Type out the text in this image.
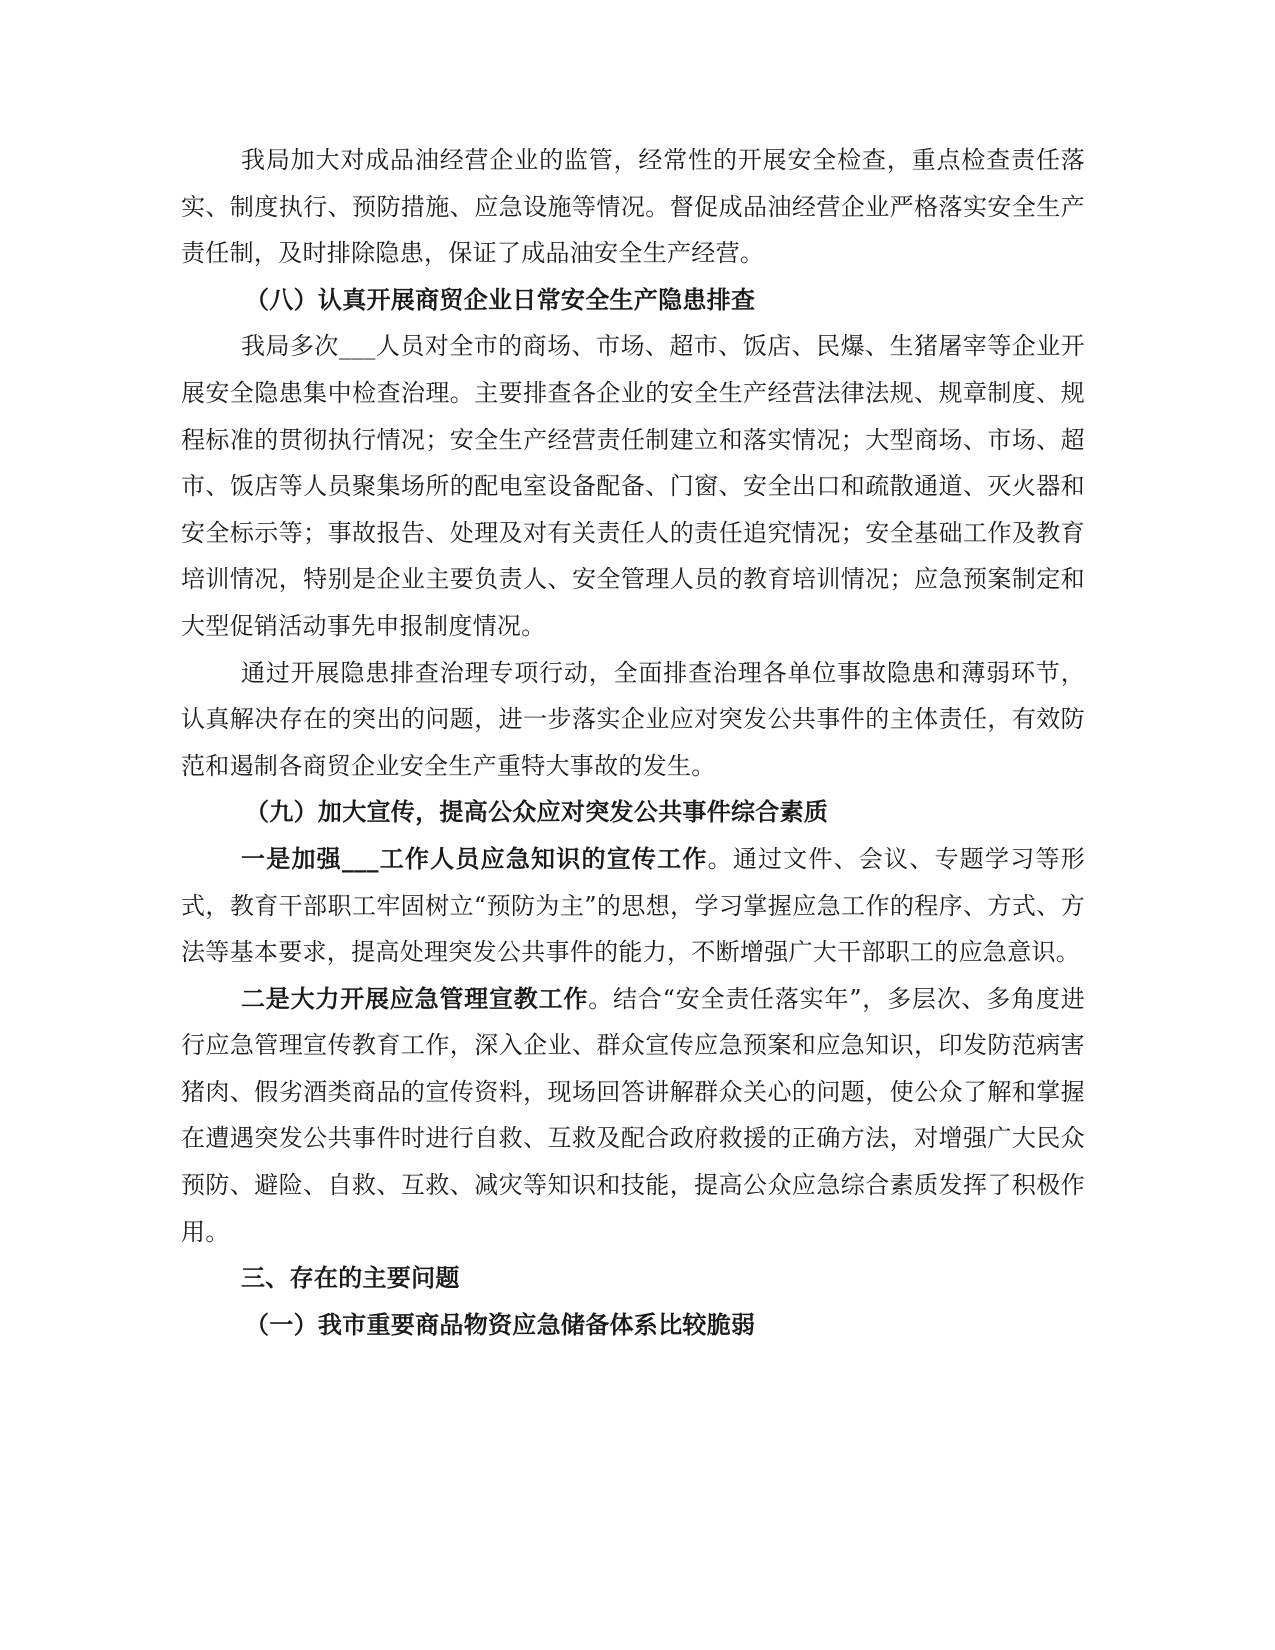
我局加大对成品油经营企业的监管，经常性的开展安全检查，重点检查责任落实、制度执行、预防措施、应急设施等情况。督促成品油经营企业严格落实安全生产责任制，及时排除隐患，保证了成品油安全生产经营。

（八）认真开展商贸企业日常安全生产隐患排查

我局多次___人员对全市的商场、市场、超市、饭店、民爆、生猪屠宰等企业开展安全隐患集中检查治理。主要排查各企业的安全生产经营法律法规、规章制度、规程标准的贯彻执行情况；安全生产经营责任制建立和落实情况；大型商场、市场、超市、饭店等人员聚集场所的配电室设备配备、门窗、安全出口和疏散通道、灭火器和安全标示等；事故报告、处理及对有关责任人的责任追究情况；安全基础工作及教育培训情况，特别是企业主要负责人、安全管理人员的教育培训情况；应急预案制定和大型促销活动事先申报制度情况。

通过开展隐患排查治理专项行动，全面排查治理各单位事故隐患和薄弱环节，认真解决存在的突出的问题，进一步落实企业应对突发公共事件的主体责任，有效防范和遏制各商贸企业安全生产重特大事故的发生。

（九）加大宣传，提高公众应对突发公共事件综合素质

一是加强___工作人员应急知识的宣传工作。通过文件、会议、专题学习等形式，教育干部职工牢固树立“预防为主”的思想，学习掌握应急工作的程序、方式、方法等基本要求，提高处理突发公共事件的能力，不断增强广大干部职工的应急意识。

二是大力开展应急管理宣教工作。结合“安全责任落实年”，多层次、多角度进行应急管理宣传教育工作，深入企业、群众宣传应急预案和应急知识，印发防范病害猪肉、假劣酒类商品的宣传资料，现场回答讲解群众关心的问题，使公众了解和掌握在遭遇突发公共事件时进行自救、互救及配合政府救援的正确方法，对增强广大民众预防、避险、自救、互救、减灾等知识和技能，提高公众应急综合素质发挥了积极作用。

三、存在的主要问题

（一）我市重要商品物资应急储备体系比较脆弱
